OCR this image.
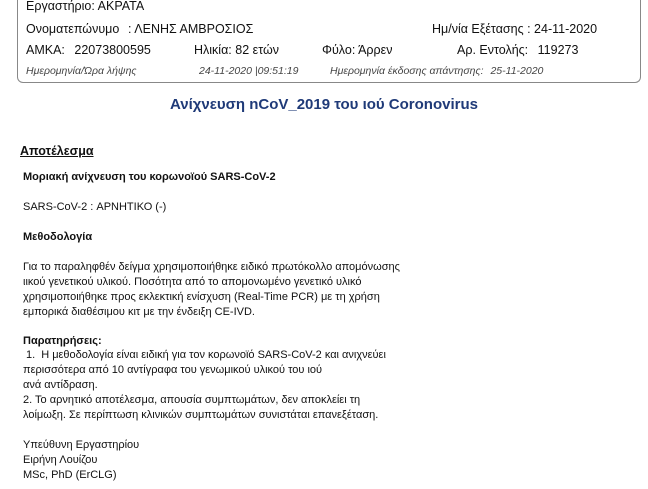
Εργαστήριο: ΑΚΡΑΤΑ
Ονοματεπώνυμο : ΛΕΝΗΣ ΑΜΒΡΟΣΙΟΣ	Ημ/νία Εξέτασης : 24-11-2020
ΑΜΚΑ: 22073800595	Ηλικία: 82 ετών	Φύλο: Άρρεν	Αρ. Εντολής: 119273
Ημερομηνία/Ώρα λήψης	24-11-2020 |09:51:19	Ημερομηνία έκδοσης απάντησης: 25-11-2020
Ανίχνευση nCoV_2019 του ιού Coronovirus
Αποτέλεσμα
Μοριακή ανίχνευση του κορωνοϊού SARS-CoV-2
SARS-CoV-2 : ΑΡΝΗΤΙΚΟ (-)
Μεθοδολογία
Για το παραληφθέν δείγμα χρησιμοποιήθηκε ειδικό πρωτόκολλο απομόνωσης
ιικού γενετικού υλικού. Ποσότητα από το απομονωμένο γενετικό υλικό
χρησιμοποιήθηκε προς εκλεκτική ενίσχυση (Real-Time PCR) με τη χρήση
εμπορικά διαθέσιμου κιτ με την ένδειξη CE-IVD.
Παρατηρήσεις:
1. Η μεθοδολογία είναι ειδική για τον κορωνοϊό SARS-CoV-2 και ανιχνεύει
περισσότερα από 10 αντίγραφα του γενωμικού υλικού του ιού
ανά αντίδραση.
2. Το αρνητικό αποτέλεσμα, απουσία συμπτωμάτων, δεν αποκλείει τη
λοίμωξη. Σε περίπτωση κλινικών συμπτωμάτων συνιστάται επανεξέταση.
Υπεύθυνη Εργαστηρίου
Ειρήνη Λουίζου
MSc, PhD (ErCLG)
